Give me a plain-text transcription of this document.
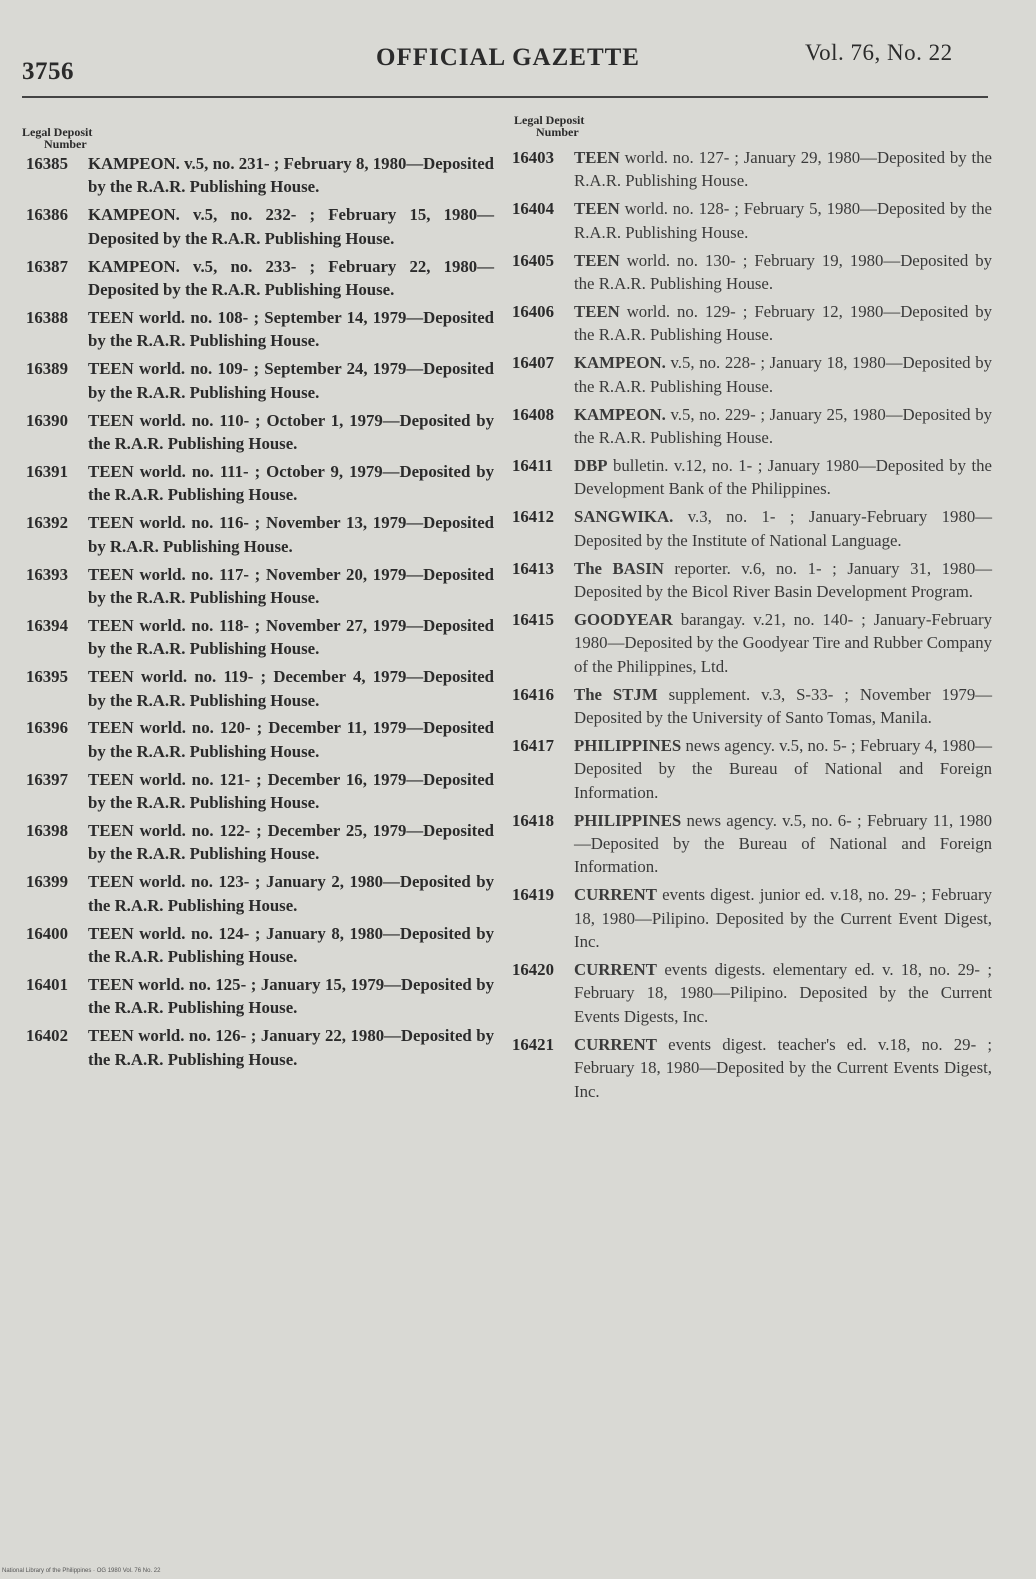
3756
OFFICIAL GAZETTE	Vol. 76, No. 22
Legal Deposit
Number
Legal Deposit
Number
16385 KAMPEON. v.5, no. 231- ; February 8, 1980—Deposited by the R.A.R. Publishing House.
16386 KAMPEON. v.5, no. 232- ; February 15, 1980—Deposited by the R.A.R. Publishing House.
16387 KAMPEON. v.5, no. 233- ; February 22, 1980—Deposited by the R.A.R. Publishing House.
16388 TEEN world. no. 108- ; September 14, 1979—Deposited by the R.A.R. Publishing House.
16389 TEEN world. no. 109- ; September 24, 1979—Deposited by the R.A.R. Publishing House.
16390 TEEN world. no. 110- ; October 1, 1979—Deposited by the R.A.R. Publishing House.
16391 TEEN world. no. 111- ; October 9, 1979—Deposited by the R.A.R. Publishing House.
16392 TEEN world. no. 116- ; November 13, 1979—Deposited by R.A.R. Publishing House.
16393 TEEN world. no. 117- ; November 20, 1979—Deposited by the R.A.R. Publishing House.
16394 TEEN world. no. 118- ; November 27, 1979—Deposited by the R.A.R. Publishing House.
16395 TEEN world. no. 119- ; December 4, 1979—Deposited by the R.A.R. Publishing House.
16396 TEEN world. no. 120- ; December 11, 1979—Deposited by the R.A.R. Publishing House.
16397 TEEN world. no. 121- ; December 16, 1979—Deposited by the R.A.R. Publishing House.
16398 TEEN world. no. 122- ; December 25, 1979—Deposited by the R.A.R. Publishing House.
16399 TEEN world. no. 123- ; January 2, 1980—Deposited by the R.A.R. Publishing House.
16400 TEEN world. no. 124- ; January 8, 1980—Deposited by the R.A.R. Publishing House.
16401 TEEN world. no. 125- ; January 15, 1979—Deposited by the R.A.R. Publishing House.
16402 TEEN world. no. 126- ; January 22, 1980—Deposited by the R.A.R. Publishing House.
16403 TEEN world. no. 127- ; January 29, 1980—Deposited by the R.A.R. Publishing House.
16404 TEEN world. no. 128- ; February 5, 1980—Deposited by the R.A.R. Publishing House.
16405 TEEN world. no. 130- ; February 19, 1980—Deposited by the R.A.R. Publishing House.
16406 TEEN world. no. 129- ; February 12, 1980—Deposited by the R.A.R. Publishing House.
16407 KAMPEON. v.5, no. 228- ; January 18, 1980—Deposited by the R.A.R. Publishing House.
16408 KAMPEON. v.5, no. 229- ; January 25, 1980—Deposited by the R.A.R. Publishing House.
16411 DBP bulletin. v.12, no. 1- ; January 1980—Deposited by the Development Bank of the Philippines.
16412 SANGWIKA. v.3, no. 1- ; January-February 1980—Deposited by the Institute of National Language.
16413 The BASIN reporter. v.6, no. 1- ; January 31, 1980—Deposited by the Bicol River Basin Development Program.
16415 GOODYEAR barangay. v.21, no. 140- ; January-February 1980—Deposited by the Goodyear Tire and Rubber Company of the Philippines, Ltd.
16416 The STJM supplement. v.3, S-33- ; November 1979—Deposited by the University of Santo Tomas, Manila.
16417 PHILIPPINES news agency. v.5, no. 5- ; February 4, 1980—Deposited by the Bureau of National and Foreign Information.
16418 PHILIPPINES news agency. v.5, no. 6- ; February 11, 1980—Deposited by the Bureau of National and Foreign Information.
16419 CURRENT events digest. junior ed. v.18, no. 29- ; February 18, 1980—Pilipino. Deposited by the Current Event Digest, Inc.
16420 CURRENT events digests. elementary ed. v. 18, no. 29- ; February 18, 1980—Pilipino. Deposited by the Current Events Digests, Inc.
16421 CURRENT events digest. teacher's ed. v.18, no. 29- ; February 18, 1980—Deposited by the Current Events Digest, Inc.
National Library of the Philippines · OG 1980 Vol. 76 No. 22
